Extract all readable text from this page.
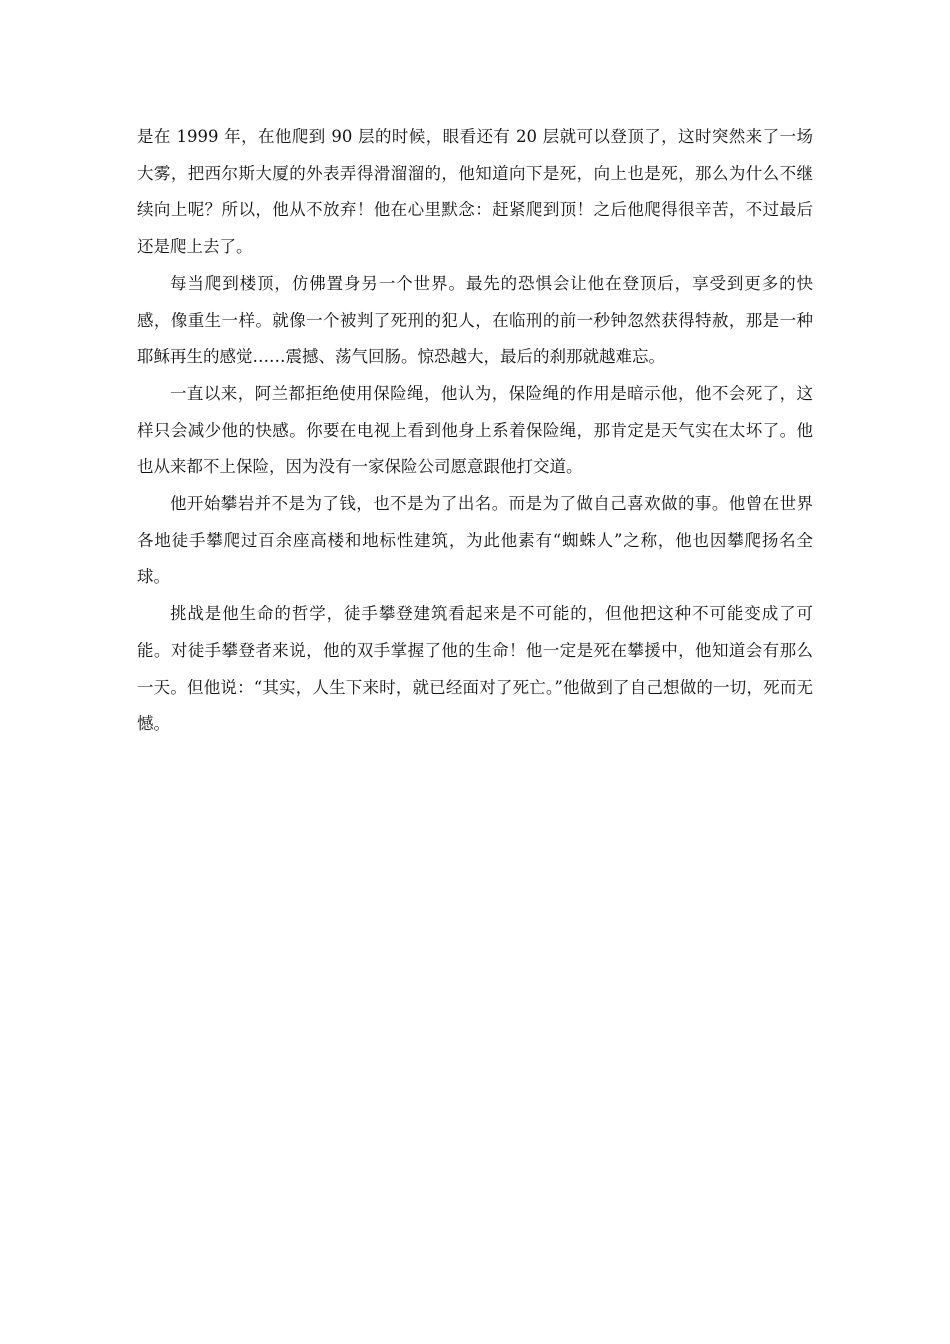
是在 1999 年，在他爬到 90 层的时候，眼看还有 20 层就可以登顶了，这时突然来了一场大雾，把西尔斯大厦的外表弄得滑溜溜的，他知道向下是死，向上也是死，那么为什么不继续向上呢？所以，他从不放弃！他在心里默念：赶紧爬到顶！之后他爬得很辛苦，不过最后还是爬上去了。

每当爬到楼顶，仿佛置身另一个世界。最先的恐惧会让他在登顶后，享受到更多的快感，像重生一样。就像一个被判了死刑的犯人，在临刑的前一秒钟忽然获得特赦，那是一种耶稣再生的感觉……震撼、荡气回肠。惊恐越大，最后的刹那就越难忘。

一直以来，阿兰都拒绝使用保险绳，他认为，保险绳的作用是暗示他，他不会死了，这样只会减少他的快感。你要在电视上看到他身上系着保险绳，那肯定是天气实在太坏了。他也从来都不上保险，因为没有一家保险公司愿意跟他打交道。

他开始攀岩并不是为了钱，也不是为了出名。而是为了做自己喜欢做的事。他曾在世界各地徒手攀爬过百余座高楼和地标性建筑，为此他素有“蜘蛛人”之称，他也因攀爬扬名全球。

挑战是他生命的哲学，徒手攀登建筑看起来是不可能的，但他把这种不可能变成了可能。对徒手攀登者来说，他的双手掌握了他的生命！他一定是死在攀援中，他知道会有那么一天。但他说：“其实，人生下来时，就已经面对了死亡。”他做到了自己想做的一切，死而无憾。
